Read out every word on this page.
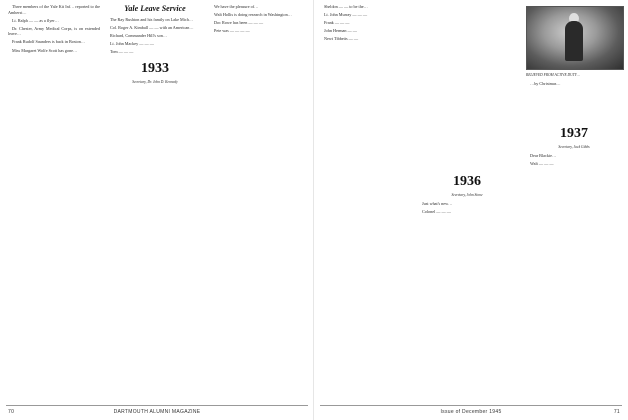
Three members of the Yale Kit Inf… reported to the Amherst…

Lt. Ralph ― ― as a flyer…

Dr. Chester, Army Medical Corps, is on extended leave…

Frank Rudolf Saunders is back in Boston…

Miss Margaret Wolfe Scott has gone…

Yale Leave Service

The Ray Rushton and his family on Lake Mich…

Col. Roger A. Kimball ― ― with an American…

Richard, Commander Hill's son…

Lt. John Mackey ― ― ―

Tom ― ― ―

1933
Secretary, Dr. John D. Kennedy

We have the pleasure of…

Walt Hollis is doing research in Washington…

Doc Rowe has been ― ― ―

Pete was ― ― ― ―

70	DARTMOUTH ALUMNI MAGAZINE

Sheldon ― ― to be the…

Lt. John Murray ― ― ―

Frank ― ― ―

John Herman ― ―

Newt Tibbetts ― ―

1936
Secretary, John Stone

Just what's new…

Colonel ― ― ―

RELIEVED FROM ACTIVE DUTY…

…by Christmas…

1937
Secretary, Jack Gibbs

Dear Blackie…

Walt ― ― ―

Issue of December 1945	71
